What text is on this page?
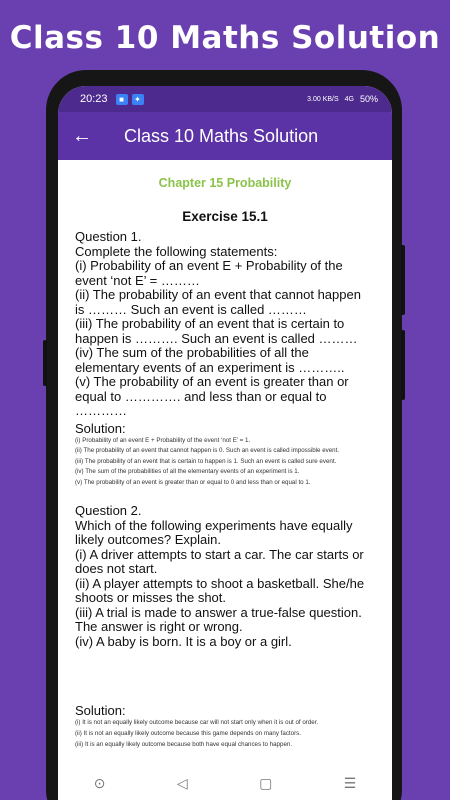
Class 10 Maths Solution
20:23	■	✦	3.00 KB/S 4G 50%
←	Class 10 Maths Solution
Chapter 15 Probability
Exercise 15.1
Question 1.
Complete the following statements:
(i) Probability of an event E + Probability of the
event ‘not E’ = ………
(ii) The probability of an event that cannot happen
is ……… Such an event is called ………
(iii) The probability of an event that is certain to
happen is ………. Such an event is called ………
(iv) The sum of the probabilities of all the
elementary events of an experiment is ………..
(v) The probability of an event is greater than or
equal to …………. and less than or equal to
…………
Solution:
(i) Probability of an event E + Probability of the event ‘not E’ = 1.
(ii) The probability of an event that cannot happen is 0. Such an event is called impossible event.
(iii) The probability of an event that is certain to happen is 1. Such an event is called sure event.
(iv) The sum of the probabilities of all the elementary events of an experiment is 1.
(v) The probability of an event is greater than or equal to 0 and less than or equal to 1.
Question 2.
Which of the following experiments have equally
likely outcomes? Explain.
(i) A driver attempts to start a car. The car starts or
does not start.
(ii) A player attempts to shoot a basketball. She/he
shoots or misses the shot.
(iii) A trial is made to answer a true-false question.
The answer is right or wrong.
(iv) A baby is born. It is a boy or a girl.
Solution:
(i) It is not an equally likely outcome because car will not start only when it is out of order.
(ii) It is not an equally likely outcome because this game depends on many factors.
(iii) It is an equally likely outcome because both have equal chances to happen.
⊙	◁	▢	☰
